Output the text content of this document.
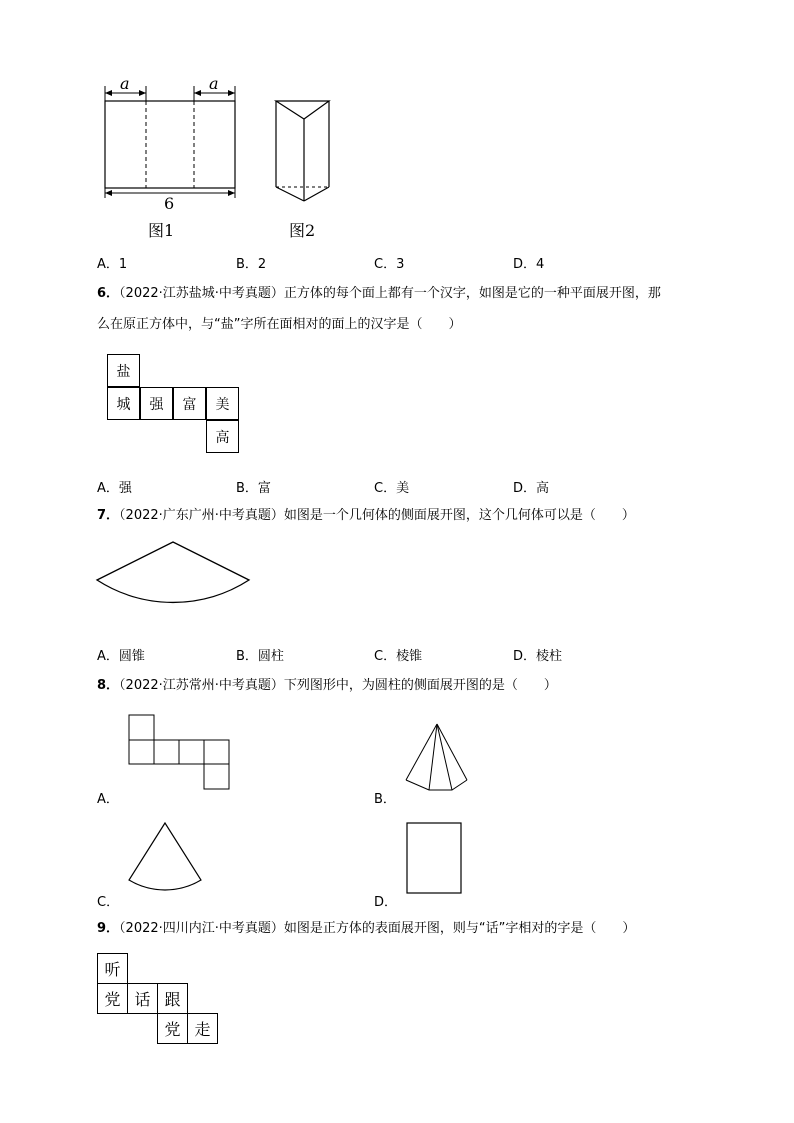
a	a
6
图1	图2
A．1	B．2	C．3	D．4
6．（2022·江苏盐城·中考真题）正方体的每个面上都有一个汉字，如图是它的一种平面展开图，那
么在原正方体中，与“盐”字所在面相对的面上的汉字是（　　）
盐
城	强	富	美
高
A．强	B．富	C．美	D．高
7．（2022·广东广州·中考真题）如图是一个几何体的侧面展开图，这个几何体可以是（　　）
A．圆锥	B．圆柱	C．棱锥	D．棱柱
8．（2022·江苏常州·中考真题）下列图形中，为圆柱的侧面展开图的是（　　）
A．	B．
C．	D．
9．（2022·四川内江·中考真题）如图是正方体的表面展开图，则与“话”字相对的字是（　　）
听
党 话 跟
党 走
